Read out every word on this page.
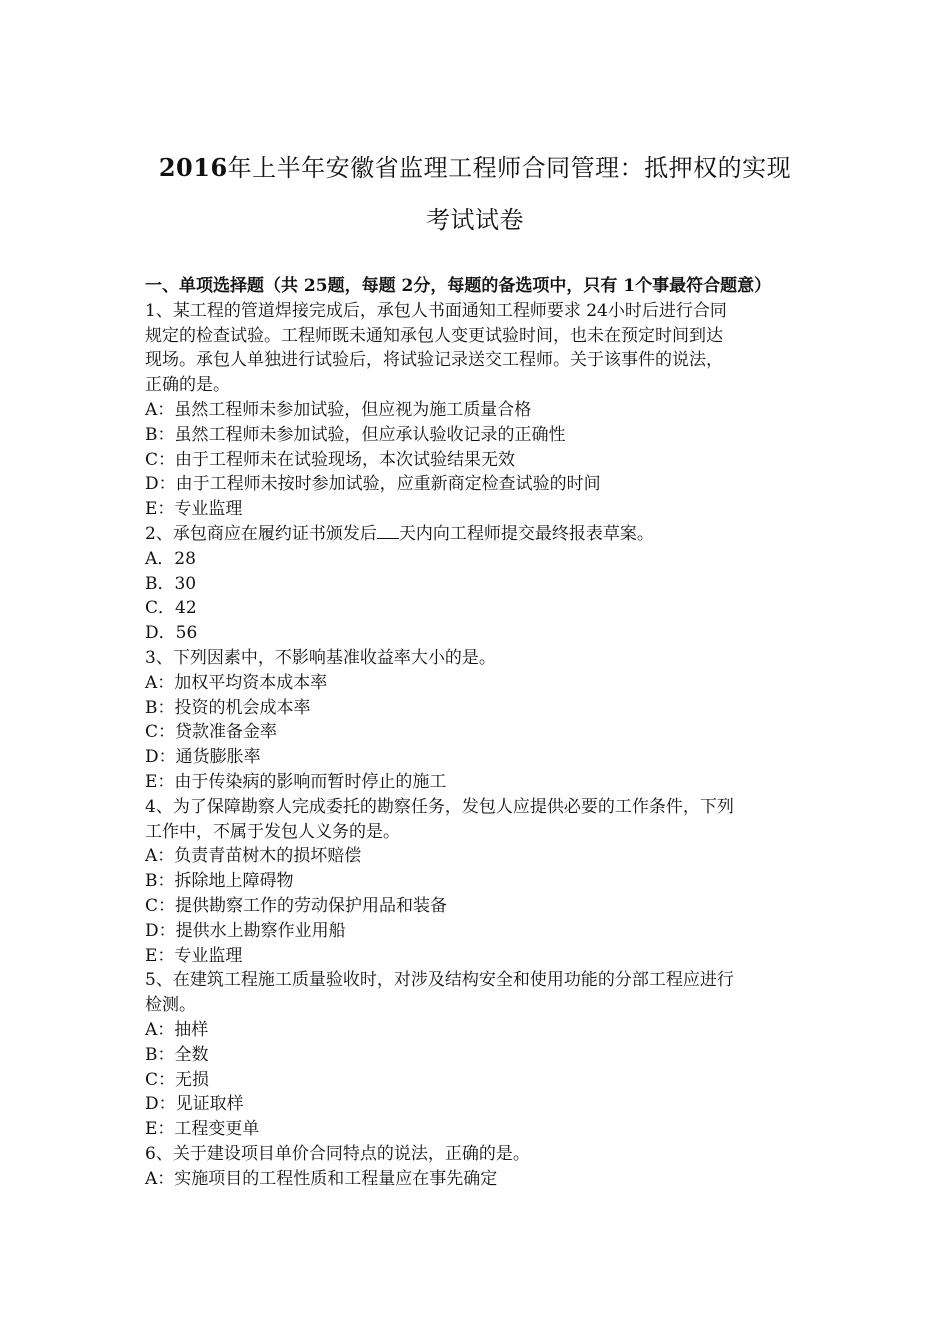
2016年上半年安徽省监理工程师合同管理：抵押权的实现
考试试卷

一、单项选择题（共 25题，每题 2分，每题的备选项中，只有 1个事最符合题意）

1、某工程的管道焊接完成后，承包人书面通知工程师要求 24小时后进行合同

规定的检查试验。工程师既未通知承包人变更试验时间，也未在预定时间到达

现场。承包人单独进行试验后，将试验记录送交工程师。关于该事件的说法，

正确的是。

A：虽然工程师未参加试验，但应视为施工质量合格

B：虽然工程师未参加试验，但应承认验收记录的正确性

C：由于工程师未在试验现场，本次试验结果无效

D：由于工程师未按时参加试验，应重新商定检查试验的时间

E：专业监理

2、承包商应在履约证书颁发后 天内向工程师提交最终报表草案。

A．28

B．30

C．42

D．56

3、下列因素中，不影响基准收益率大小的是。

A：加权平均资本成本率

B：投资的机会成本率

C：贷款准备金率

D：通货膨胀率

E：由于传染病的影响而暂时停止的施工

4、为了保障勘察人完成委托的勘察任务，发包人应提供必要的工作条件，下列

工作中，不属于发包人义务的是。

A：负责青苗树木的损坏赔偿

B：拆除地上障碍物

C：提供勘察工作的劳动保护用品和装备

D：提供水上勘察作业用船

E：专业监理

5、在建筑工程施工质量验收时，对涉及结构安全和使用功能的分部工程应进行

检测。

A：抽样

B：全数

C：无损

D：见证取样

E：工程变更单

6、关于建设项目单价合同特点的说法，正确的是。

A：实施项目的工程性质和工程量应在事先确定
